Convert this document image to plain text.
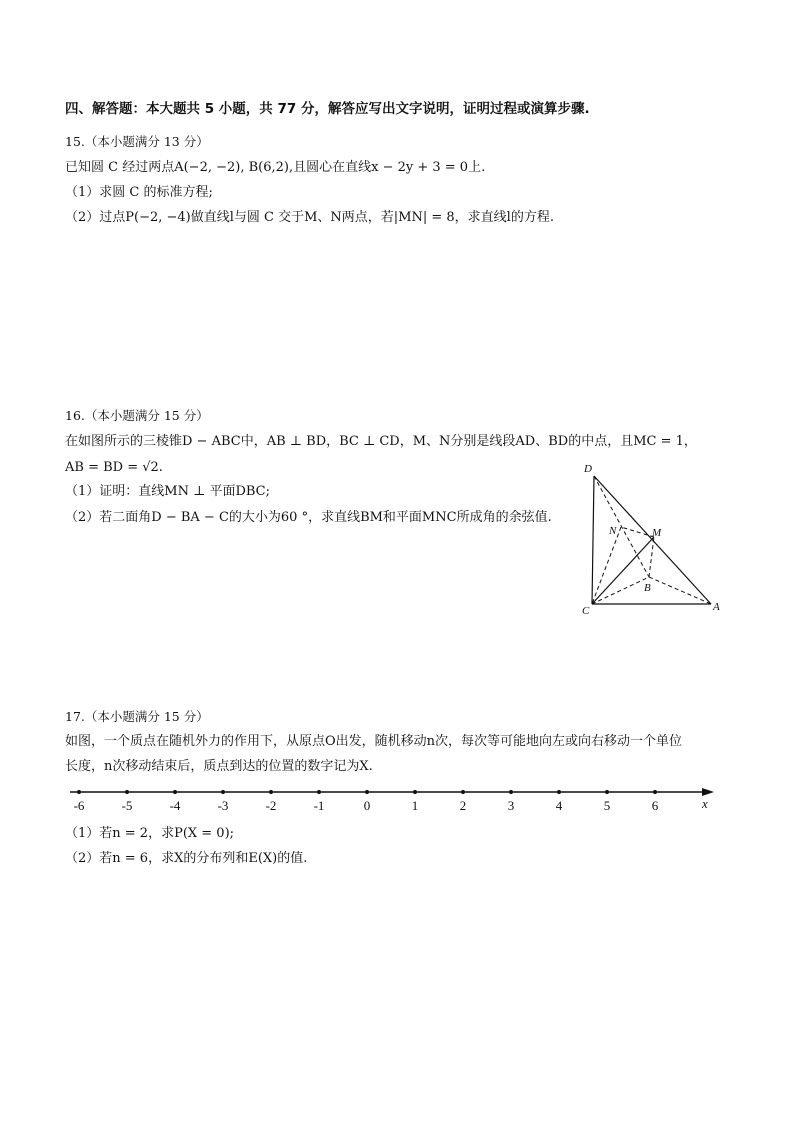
四、解答题：本大题共 5 小题，共 77 分，解答应写出文字说明，证明过程或演算步骤.
15.（本小题满分 13 分）
已知圆 C 经过两点A(−2, −2), B(6,2),且圆心在直线x − 2y + 3 = 0上.
（1）求圆 C 的标准方程;
（2）过点P(−2, −4)做直线l与圆 C 交于M、N两点，若|MN| = 8，求直线l的方程.
16.（本小题满分 15 分）
在如图所示的三棱锥D − ABC中，AB ⊥ BD，BC ⊥ CD，M、N分别是线段AD、BD的中点，且MC = 1，
AB = BD = √2.
（1）证明：直线MN ⊥ 平面DBC;
（2）若二面角D − BA − C的大小为60 °，求直线BM和平面MNC所成角的余弦值.
D
N	M
B
C	A
17.（本小题满分 15 分）
如图，一个质点在随机外力的作用下，从原点O出发，随机移动n次，每次等可能地向左或向右移动一个单位
长度，n次移动结束后，质点到达的位置的数字记为X.
-6	-5	-4	-3	-2	-1	0	1	2	3	4	5	6	x
（1）若n = 2，求P(X = 0);
（2）若n = 6，求X的分布列和E(X)的值.
